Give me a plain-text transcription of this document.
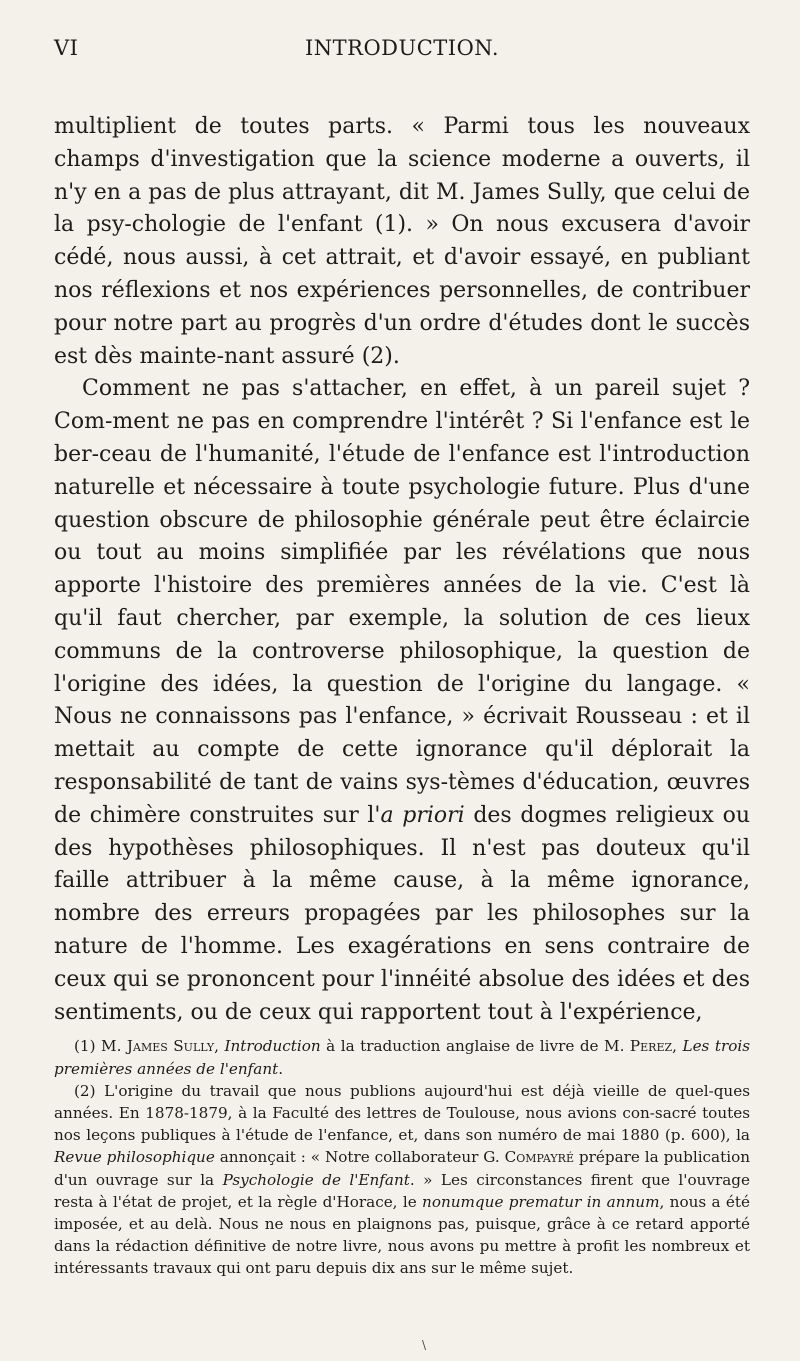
VI	INTRODUCTION.

multiplient de toutes parts. « Parmi tous les nouveaux champs d'investigation que la science moderne a ouverts, il n'y en a pas de plus attrayant, dit M. James Sully, que celui de la psy-chologie de l'enfant (1). » On nous excusera d'avoir cédé, nous aussi, à cet attrait, et d'avoir essayé, en publiant nos réflexions et nos expériences personnelles, de contribuer pour notre part au progrès d'un ordre d'études dont le succès est dès mainte-nant assuré (2).

Comment ne pas s'attacher, en effet, à un pareil sujet ? Com-ment ne pas en comprendre l'intérêt ? Si l'enfance est le ber-ceau de l'humanité, l'étude de l'enfance est l'introduction naturelle et nécessaire à toute psychologie future. Plus d'une question obscure de philosophie générale peut être éclaircie ou tout au moins simplifiée par les révélations que nous apporte l'histoire des premières années de la vie. C'est là qu'il faut chercher, par exemple, la solution de ces lieux communs de la controverse philosophique, la question de l'origine des idées, la question de l'origine du langage. « Nous ne connaissons pas l'enfance, » écrivait Rousseau : et il mettait au compte de cette ignorance qu'il déplorait la responsabilité de tant de vains sys-tèmes d'éducation, œuvres de chimère construites sur l'a priori des dogmes religieux ou des hypothèses philosophiques. Il n'est pas douteux qu'il faille attribuer à la même cause, à la même ignorance, nombre des erreurs propagées par les philosophes sur la nature de l'homme. Les exagérations en sens contraire de ceux qui se prononcent pour l'innéité absolue des idées et des sentiments, ou de ceux qui rapportent tout à l'expérience,

(1) M. James Sully, Introduction à la traduction anglaise de livre de M. Perez, Les trois premières années de l'enfant.

(2) L'origine du travail que nous publions aujourd'hui est déjà vieille de quel-ques années. En 1878-1879, à la Faculté des lettres de Toulouse, nous avions con-sacré toutes nos leçons publiques à l'étude de l'enfance, et, dans son numéro de mai 1880 (p. 600), la Revue philosophique annonçait : « Notre collaborateur G. Compayré prépare la publication d'un ouvrage sur la Psychologie de l'Enfant. » Les circonstances firent que l'ouvrage resta à l'état de projet, et la règle d'Horace, le nonumque prematur in annum, nous a été imposée, et au delà. Nous ne nous en plaignons pas, puisque, grâce à ce retard apporté dans la rédaction définitive de notre livre, nous avons pu mettre à profit les nombreux et intéressants travaux qui ont paru depuis dix ans sur le même sujet.

\
